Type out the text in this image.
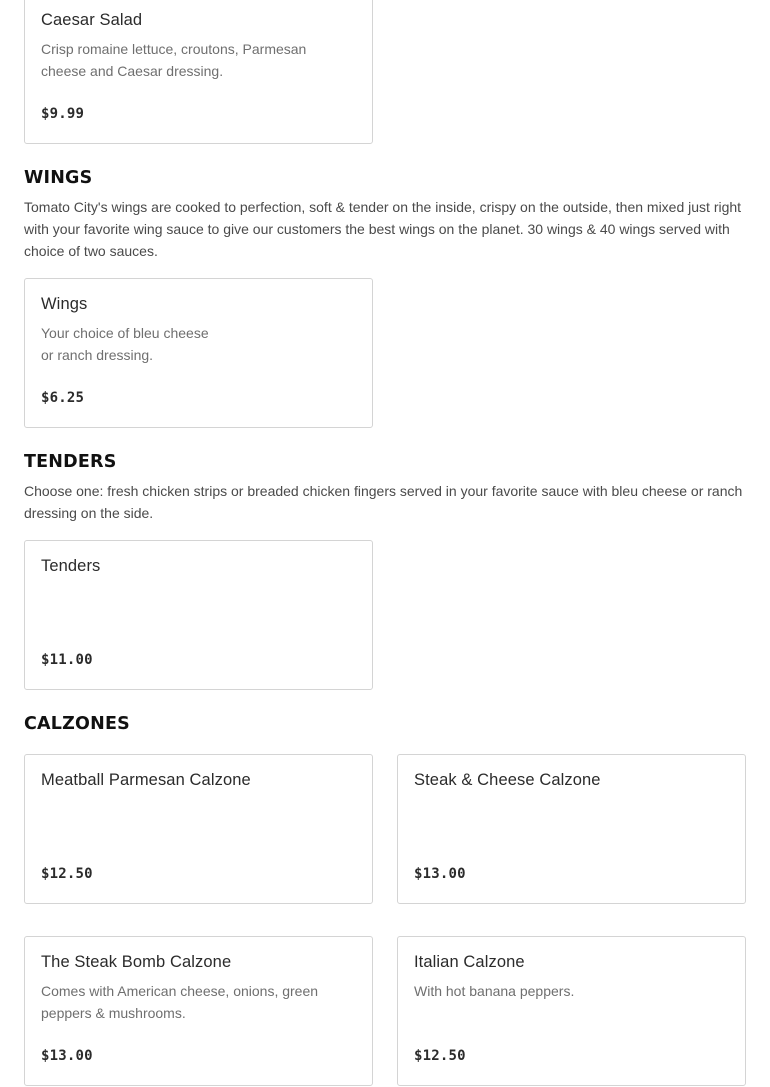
Caesar Salad
Crisp romaine lettuce, croutons, Parmesan
cheese and Caesar dressing.
$9.99
WINGS

Tomato City's wings are cooked to perfection, soft & tender on the inside, crispy on the outside, then mixed just right with your favorite wing sauce to give our customers the best wings on the planet. 30 wings & 40 wings served with choice of two sauces.

Wings
Your choice of bleu cheese
or ranch dressing.
$6.25
TENDERS

Choose one: fresh chicken strips or breaded chicken fingers served in your favorite sauce with bleu cheese or ranch dressing on the side.

Tenders
$11.00
CALZONES
Meatball Parmesan Calzone
$12.50
Steak & Cheese Calzone
$13.00
The Steak Bomb Calzone
Comes with American cheese, onions, green
peppers & mushrooms.
$13.00
Italian Calzone
With hot banana peppers.
$12.50
